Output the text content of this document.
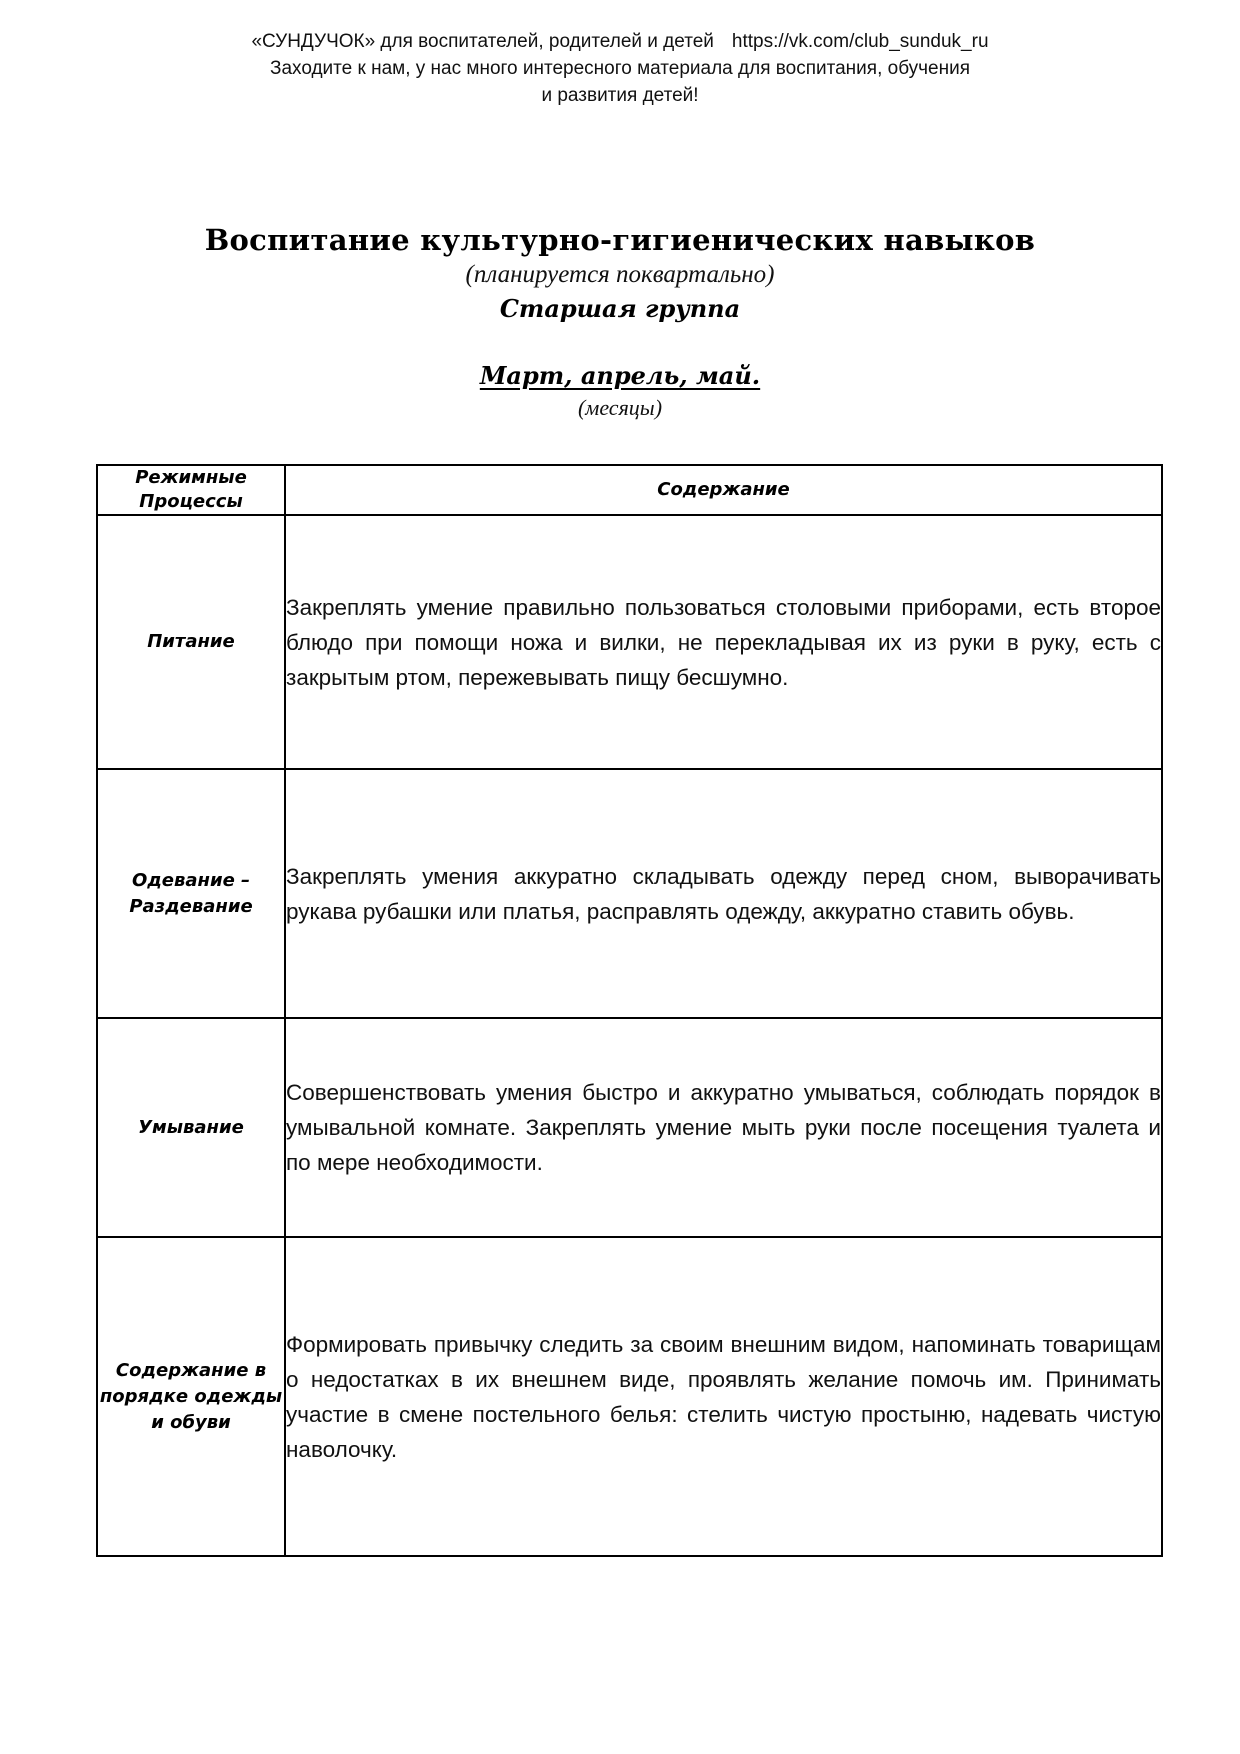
«СУНДУЧОК» для воспитателей, родителей и детей https://vk.com/club_sunduk_ru
Заходите к нам, у нас много интересного материала для воспитания, обучения
и развития детей!
Воспитание культурно-гигиенических навыков
(планируется поквартально)
Старшая группа
Март, апрель, май.
(месяцы)
Режимные Процессы	Содержание
Питание	Закреплять умение правильно пользоваться столовыми приборами, есть второе блюдо при помощи ножа и вилки, не перекладывая их из руки в руку, есть с закрытым ртом, пережевывать пищу бесшумно.

Одевание – Раздевание	Закреплять умения аккуратно складывать одежду перед сном, выворачивать рукава рубашки или платья, расправлять одежду, аккуратно ставить обувь.

Умывание	Совершенствовать умения быстро и аккуратно умываться, соблюдать порядок в умывальной комнате. Закреплять умение мыть руки после посещения туалета и по мере необходимости.

Содержание в порядке одежды и обуви	Формировать привычку следить за своим внешним видом, напоминать товарищам о недостатках в их внешнем виде, проявлять желание помочь им. Принимать участие в смене постельного белья: стелить чистую простыню, надевать чистую наволочку.
